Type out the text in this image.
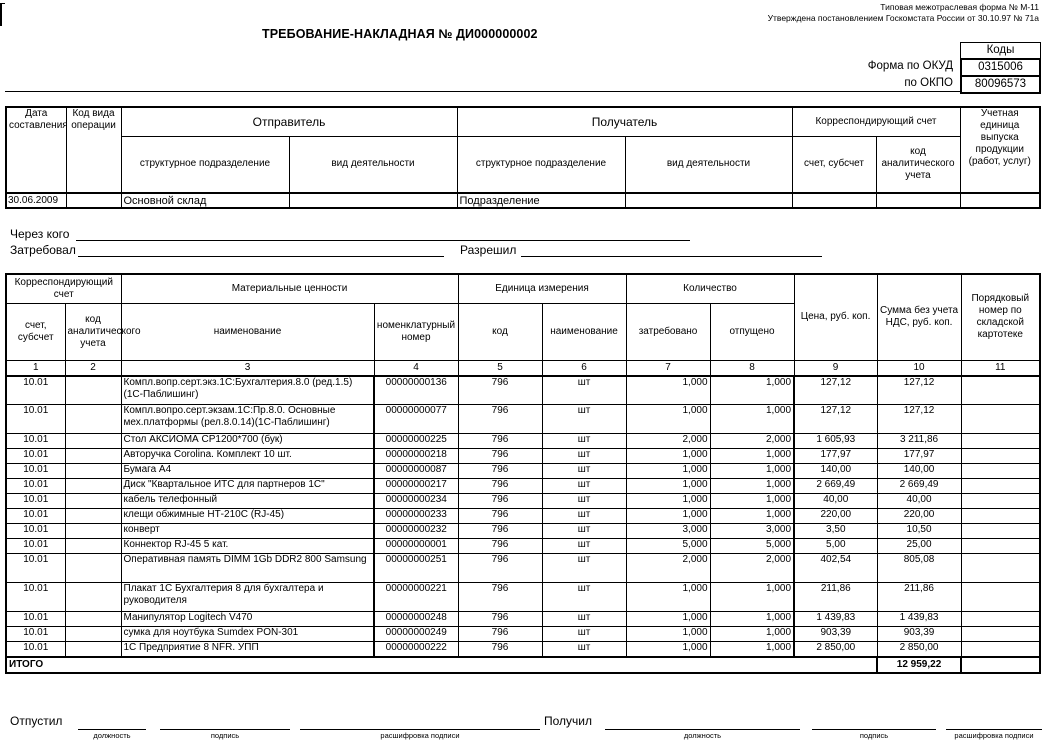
Типовая межотраслевая форма № М-11
Утверждена постановлением Госкомстата России от 30.10.97 № 71а
ТРЕБОВАНИЕ-НАКЛАДНАЯ № ДИ000000002
Коды
Форма по ОКУД	0315006
по ОКПО	80096573
Дата составления	Код вида операции	Отправитель		Получатель		Корреспондирующий счет		Учетная единица выпуска продукции (работ, услуг)
		структурное подразделение	вид деятельности	структурное подразделение	вид деятельности	счет, субсчет	код аналитического учета	
30.06.2009		Основной склад		Подразделение				
Через кого
Затребовал	Разрешил
Корреспондирующий счет		Материальные ценности		Единица измерения		Количество		Цена, руб. коп.	Сумма без учета НДС, руб. коп.	Порядковый номер по складской картотеке
счет, субсчет	код аналитического учета	наименование	номенклатурный номер	код	наименование	затребовано	отпущено			
1	2	3	4	5	6	7	8	9	10	11
10.01		Компл.вопр.серт.экз.1С:Бухгалтерия.8.0 (ред.1.5) (1С-Паблишинг)	00000000136	796	шт	1,000	1,000	127,12	127,12	
10.01		Компл.вопро.серт.экзам.1С:Пр.8.0. Основные мех.платформы (рел.8.0.14)(1С-Паблишинг)	00000000077	796	шт	1,000	1,000	127,12	127,12	
10.01		Стол АКСИОМА СР1200*700 (бук)	00000000225	796	шт	2,000	2,000	1 605,93	3 211,86	
10.01		Авторучка Corolina. Комплект 10 шт.	00000000218	796	шт	1,000	1,000	177,97	177,97	
10.01		Бумага А4	00000000087	796	шт	1,000	1,000	140,00	140,00	
10.01		Диск "Квартальное ИТС для партнеров 1С"	00000000217	796	шт	1,000	1,000	2 669,49	2 669,49	
10.01		кабель телефонный	00000000234	796	шт	1,000	1,000	40,00	40,00	
10.01		клещи обжимные НТ-210С (RJ-45)	00000000233	796	шт	1,000	1,000	220,00	220,00	
10.01		конверт	00000000232	796	шт	3,000	3,000	3,50	10,50	
10.01		Коннектор RJ-45 5 кат.	00000000001	796	шт	5,000	5,000	5,00	25,00	
10.01		Оперативная память DIMM 1Gb DDR2 800 Samsung	00000000251	796	шт	2,000	2,000	402,54	805,08	
10.01		Плакат 1С Бухгалтерия 8 для бухгалтера и руководителя	00000000221	796	шт	1,000	1,000	211,86	211,86	
10.01		Манипулятор Logitech V470	00000000248	796	шт	1,000	1,000	1 439,83	1 439,83	
10.01		сумка для ноутбука Sumdex PON-301	00000000249	796	шт	1,000	1,000	903,39	903,39	
10.01		1С Предприятие 8 NFR. УПП	00000000222	796	шт	1,000	1,000	2 850,00	2 850,00	
ИТОГО									12 959,22	
Отпустил
должность	подпись	расшифровка подписи
Получил
должность	подпись	расшифровка подписи
